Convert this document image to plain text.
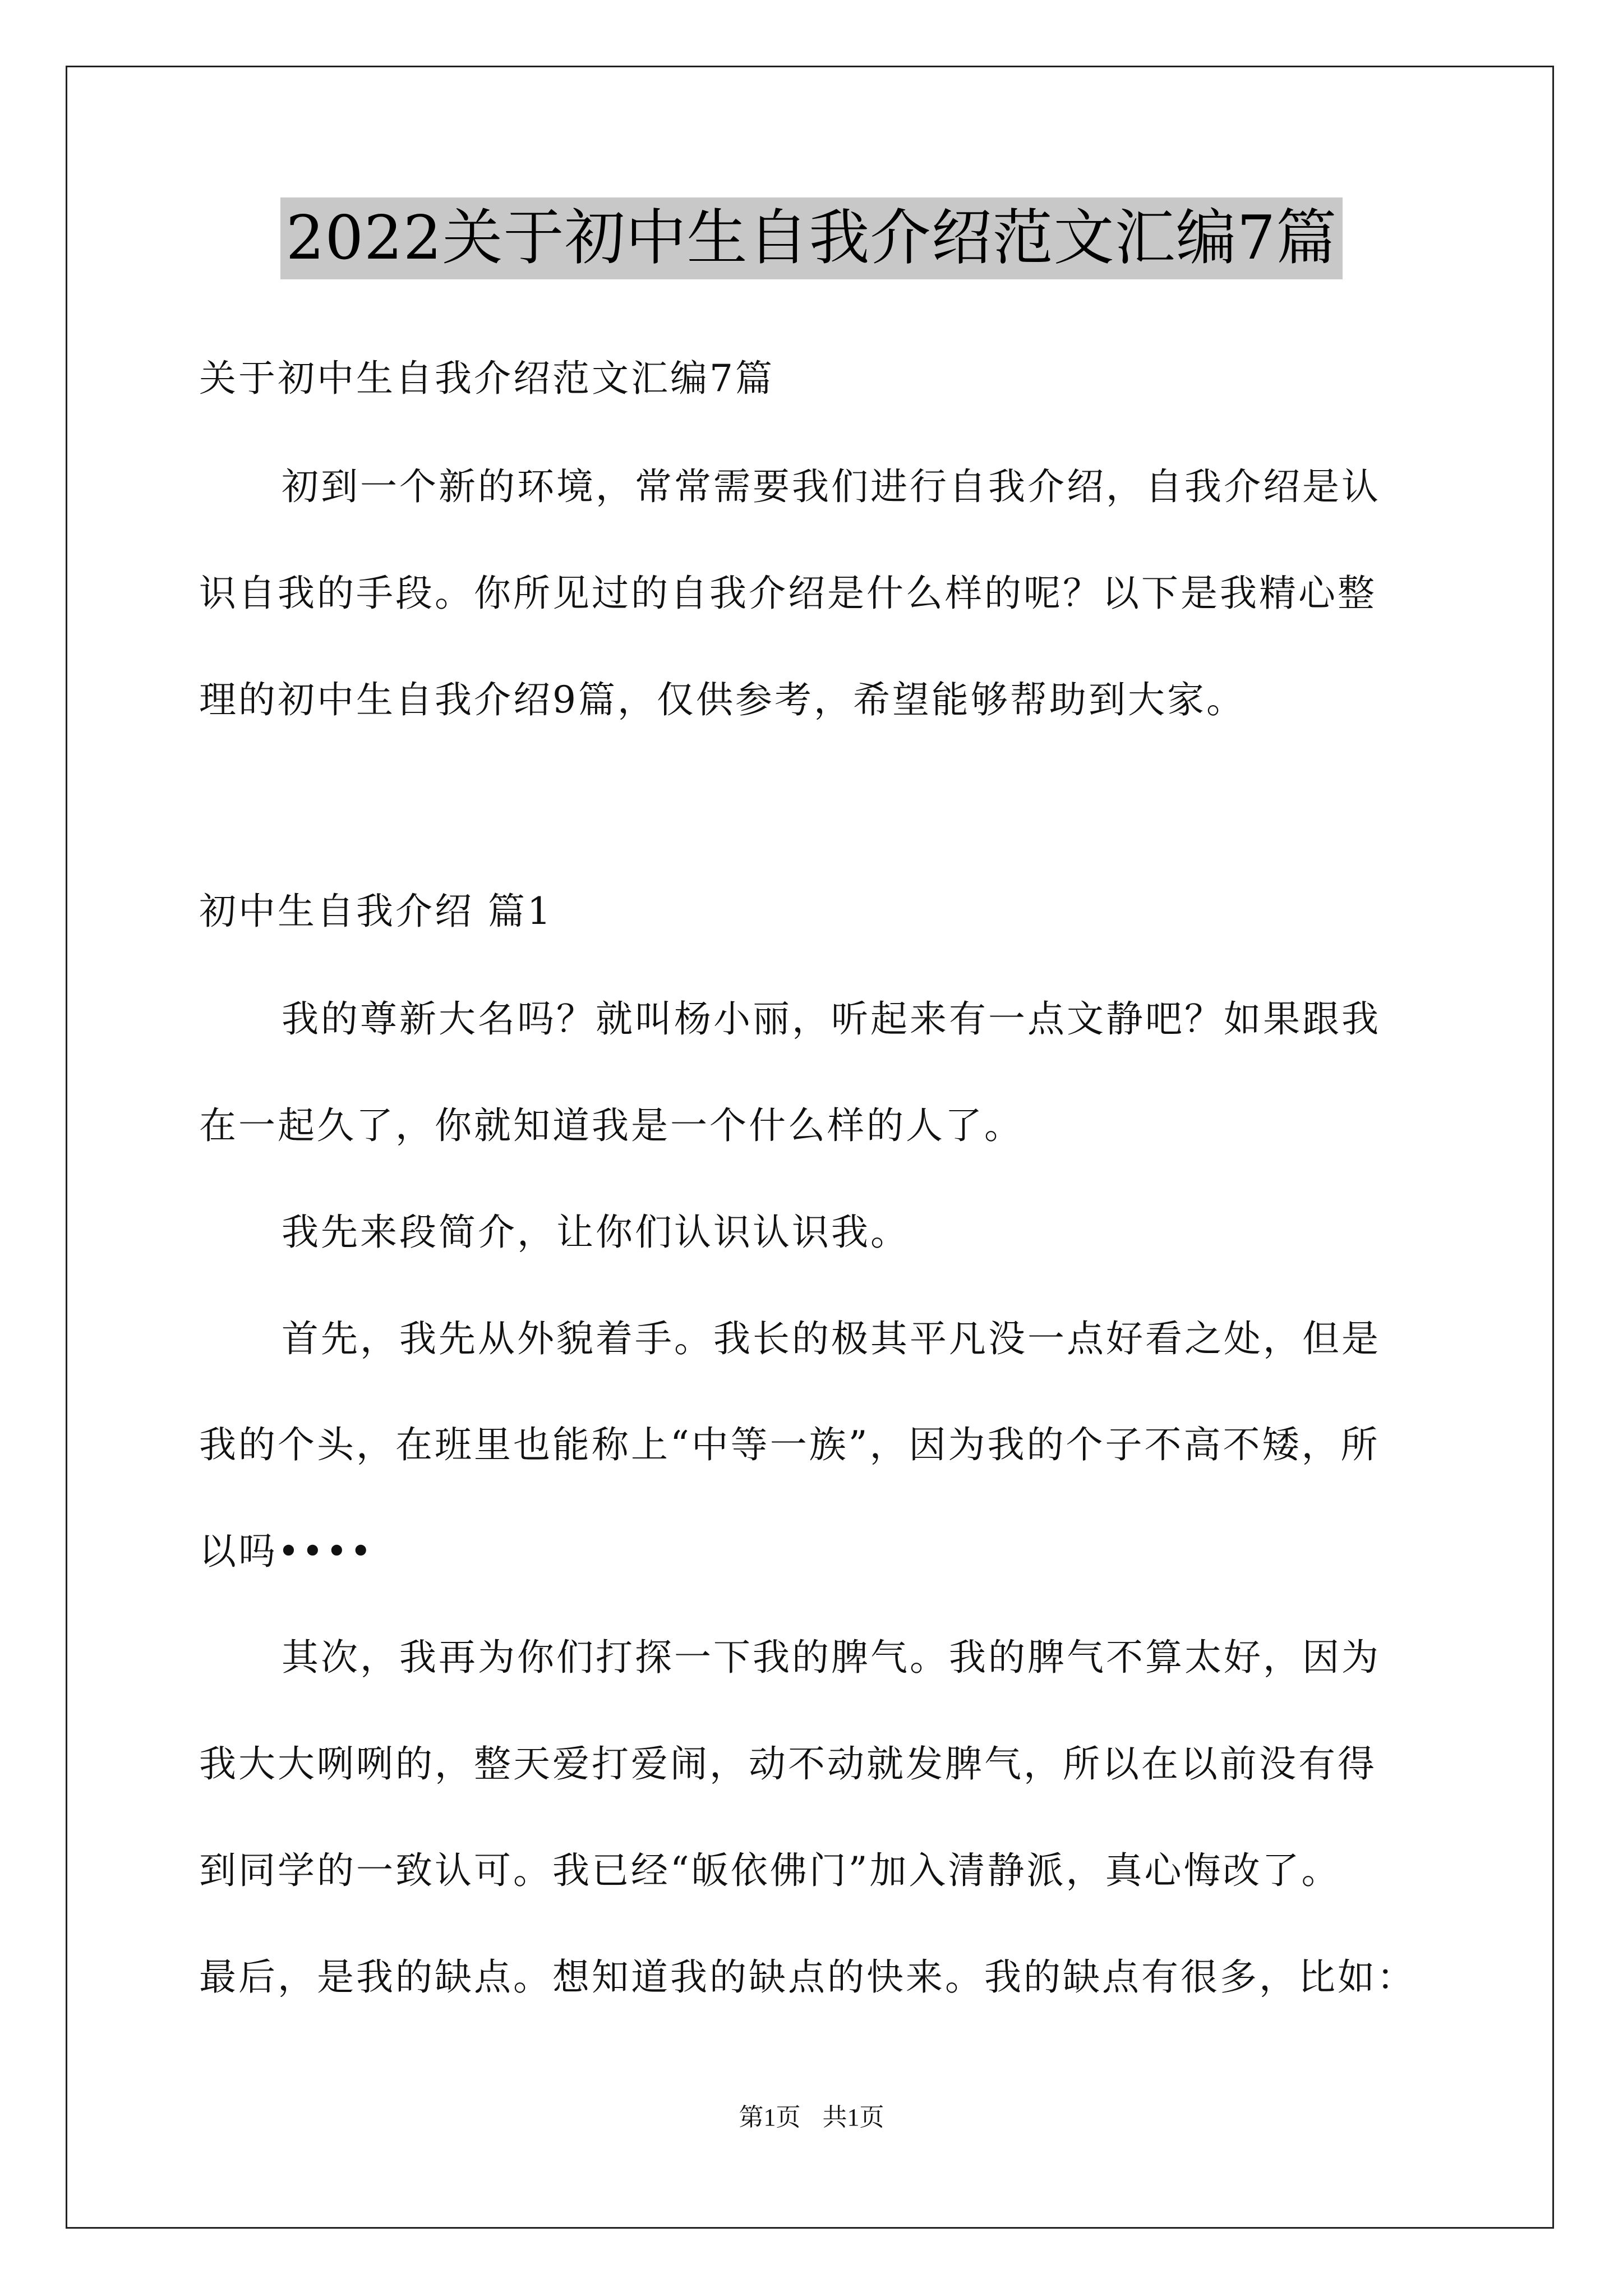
2022关于初中生自我介绍范文汇编7篇
关于初中生自我介绍范文汇编7篇
初到一个新的环境，常常需要我们进行自我介绍，自我介绍是认
识自我的手段。你所见过的自我介绍是什么样的呢？以下是我精心整
理的初中生自我介绍9篇，仅供参考，希望能够帮助到大家。
初中生自我介绍 篇1
我的尊新大名吗？就叫杨小丽，听起来有一点文静吧？如果跟我
在一起久了，你就知道我是一个什么样的人了。
我先来段简介，让你们认识认识我。
首先，我先从外貌着手。我长的极其平凡没一点好看之处，但是
我的个头，在班里也能称上“中等一族”，因为我的个子不高不矮，所
以吗••••
其次，我再为你们打探一下我的脾气。我的脾气不算太好，因为
我大大咧咧的，整天爱打爱闹，动不动就发脾气，所以在以前没有得
到同学的一致认可。我已经“皈依佛门”加入清静派，真心悔改了。
最后，是我的缺点。想知道我的缺点的快来。我的缺点有很多，比如：
第1页 共1页
